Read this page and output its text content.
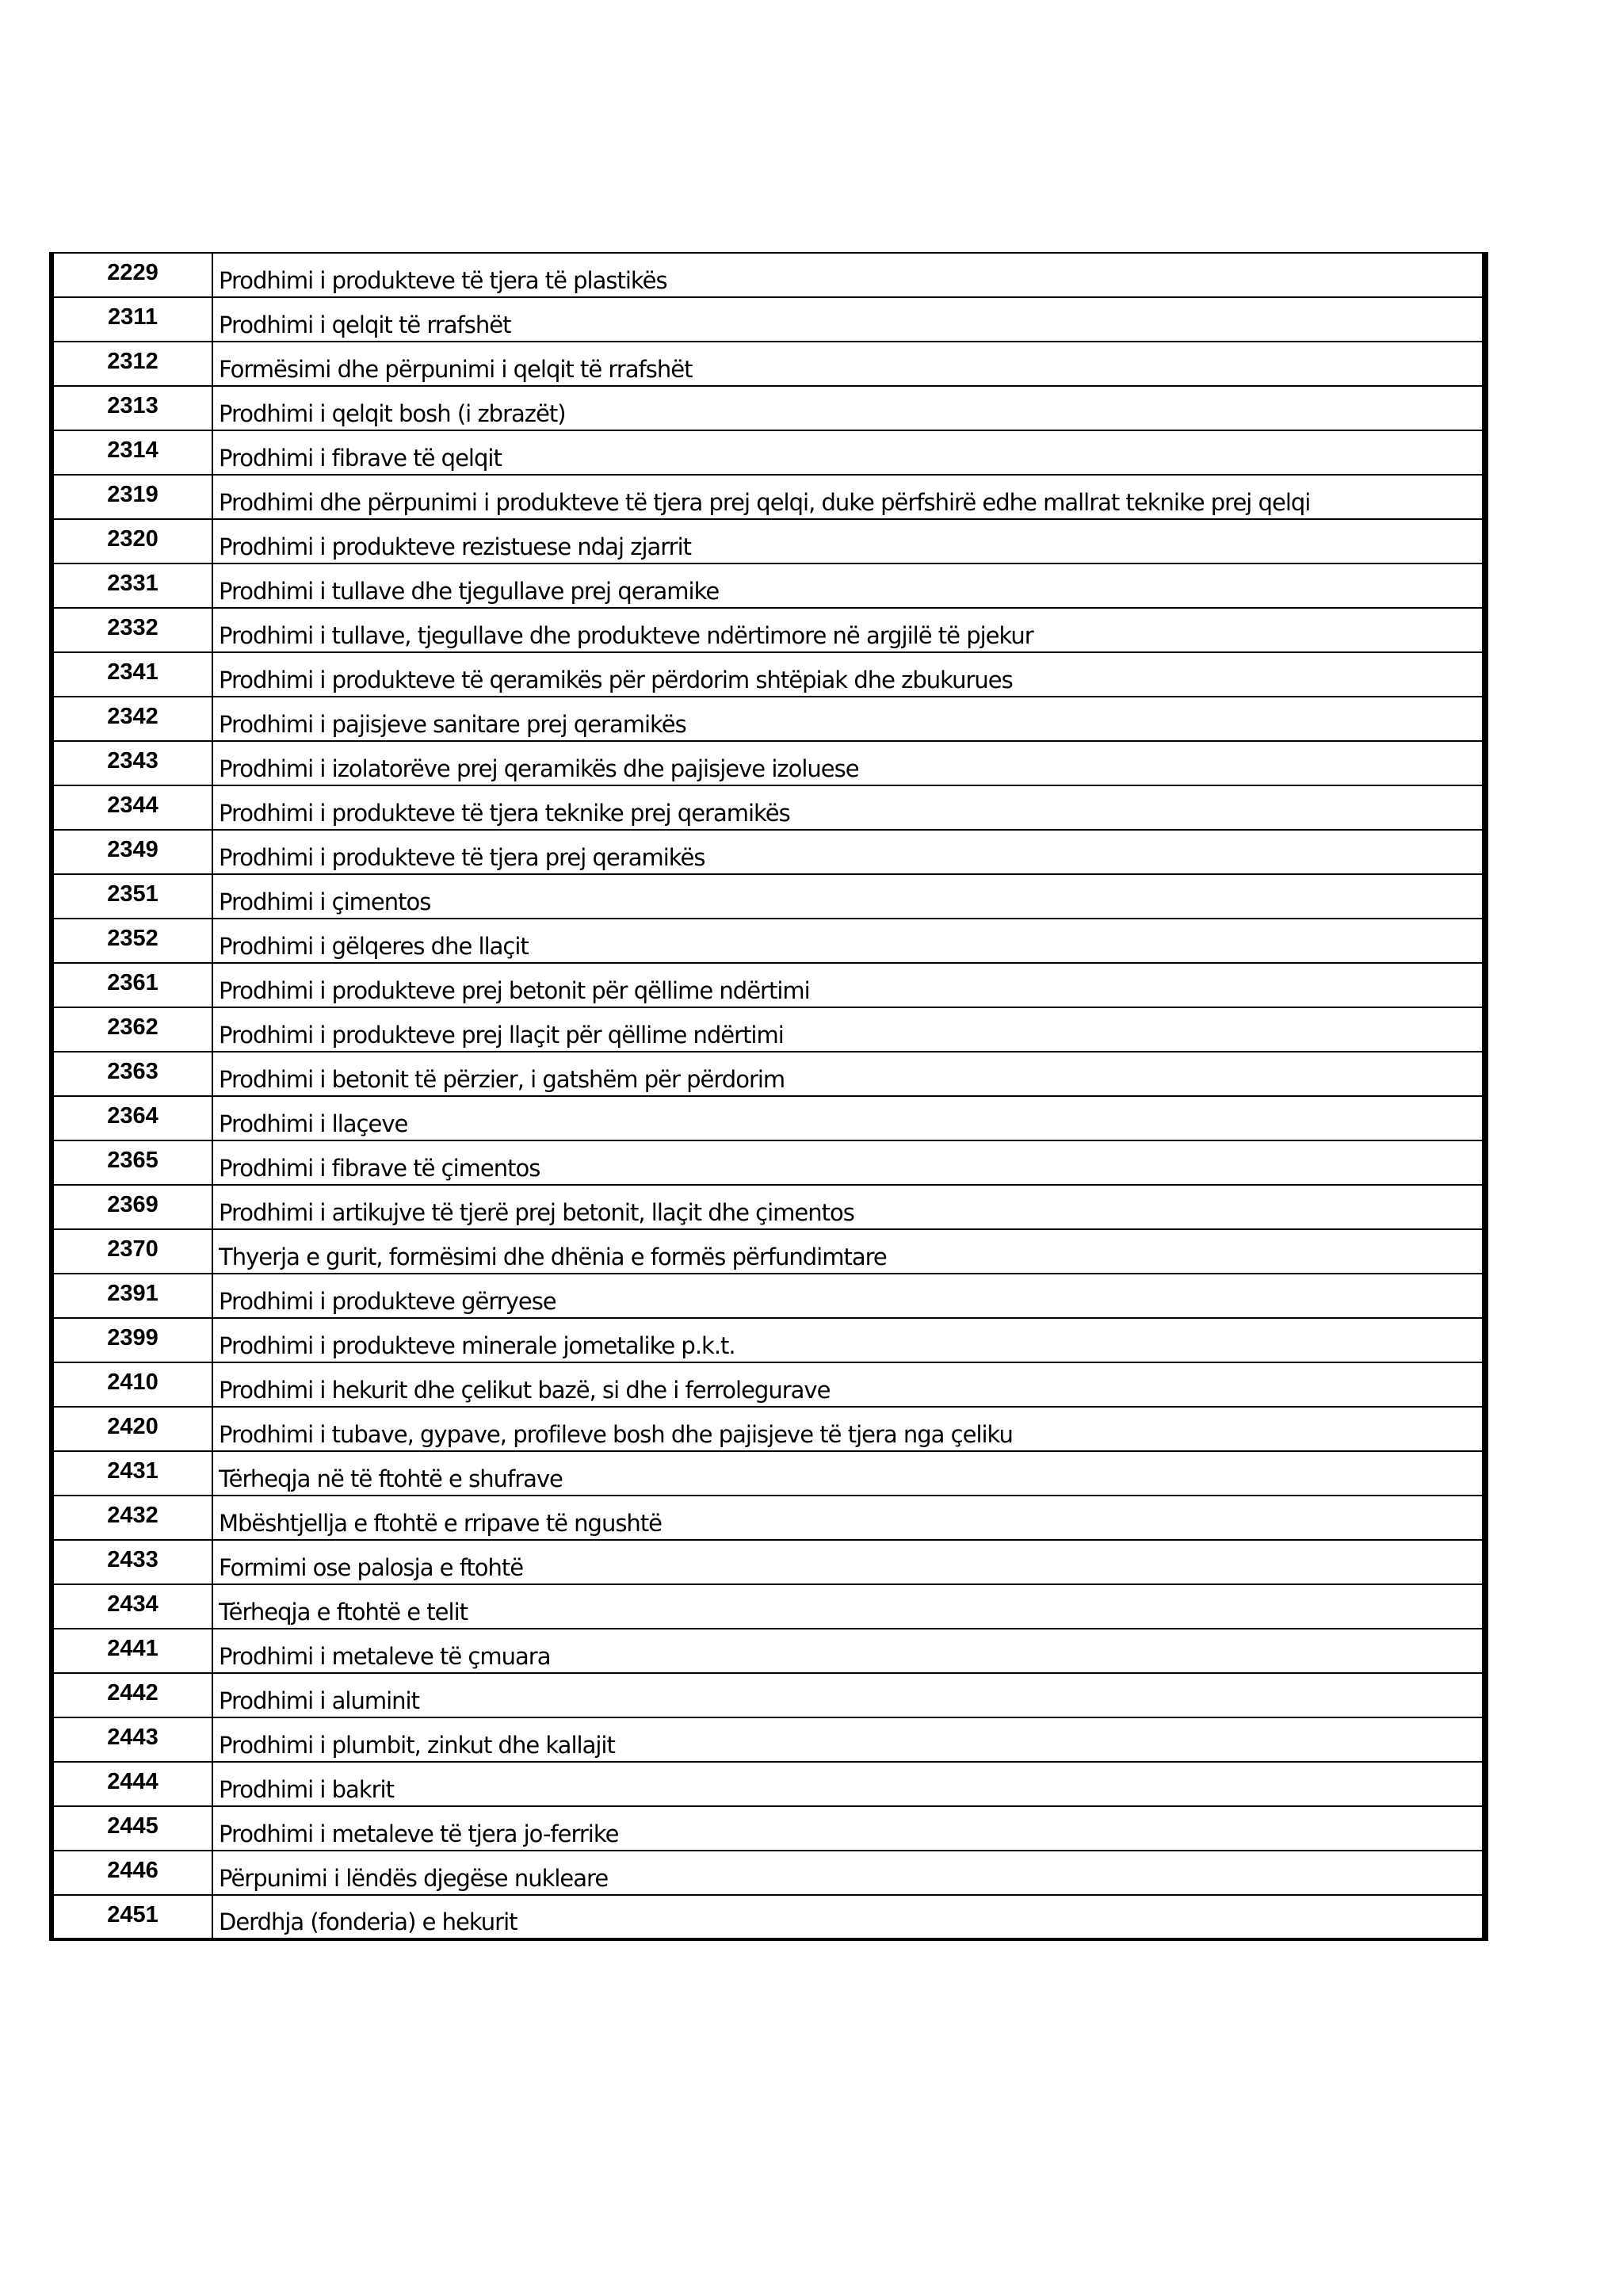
2229	Prodhimi i produkteve të tjera të plastikës
2311	Prodhimi i qelqit të rrafshët
2312	Formësimi dhe përpunimi i qelqit të rrafshët
2313	Prodhimi i qelqit bosh (i zbrazët)
2314	Prodhimi i fibrave të qelqit
2319	Prodhimi dhe përpunimi i produkteve të tjera prej qelqi, duke përfshirë edhe mallrat teknike prej qelqi
2320	Prodhimi i produkteve rezistuese ndaj zjarrit
2331	Prodhimi i tullave dhe tjegullave prej qeramike
2332	Prodhimi i tullave, tjegullave dhe produkteve ndërtimore në argjilë të pjekur
2341	Prodhimi i produkteve të qeramikës për përdorim shtëpiak dhe zbukurues
2342	Prodhimi i pajisjeve sanitare prej qeramikës
2343	Prodhimi i izolatorëve prej qeramikës dhe pajisjeve izoluese
2344	Prodhimi i produkteve të tjera teknike prej qeramikës
2349	Prodhimi i produkteve të tjera prej qeramikës
2351	Prodhimi i çimentos
2352	Prodhimi i gëlqeres dhe llaçit
2361	Prodhimi i produkteve prej betonit për qëllime ndërtimi
2362	Prodhimi i produkteve prej llaçit për qëllime ndërtimi
2363	Prodhimi i betonit të përzier, i gatshëm për përdorim
2364	Prodhimi i llaçeve
2365	Prodhimi i fibrave të çimentos
2369	Prodhimi i artikujve të tjerë prej betonit, llaçit dhe çimentos
2370	Thyerja e gurit, formësimi dhe dhënia e formës përfundimtare
2391	Prodhimi i produkteve gërryese
2399	Prodhimi i produkteve minerale jometalike p.k.t.
2410	Prodhimi i hekurit dhe çelikut bazë, si dhe i ferrolegurave
2420	Prodhimi i tubave, gypave, profileve bosh dhe pajisjeve të tjera nga çeliku
2431	Tërheqja në të ftohtë e shufrave
2432	Mbështjellja e ftohtë e rripave të ngushtë
2433	Formimi ose palosja e ftohtë
2434	Tërheqja e ftohtë e telit
2441	Prodhimi i metaleve të çmuara
2442	Prodhimi i aluminit
2443	Prodhimi i plumbit, zinkut dhe kallajit
2444	Prodhimi i bakrit
2445	Prodhimi i metaleve të tjera jo-ferrike
2446	Përpunimi i lëndës djegëse nukleare
2451	Derdhja (fonderia) e hekurit
